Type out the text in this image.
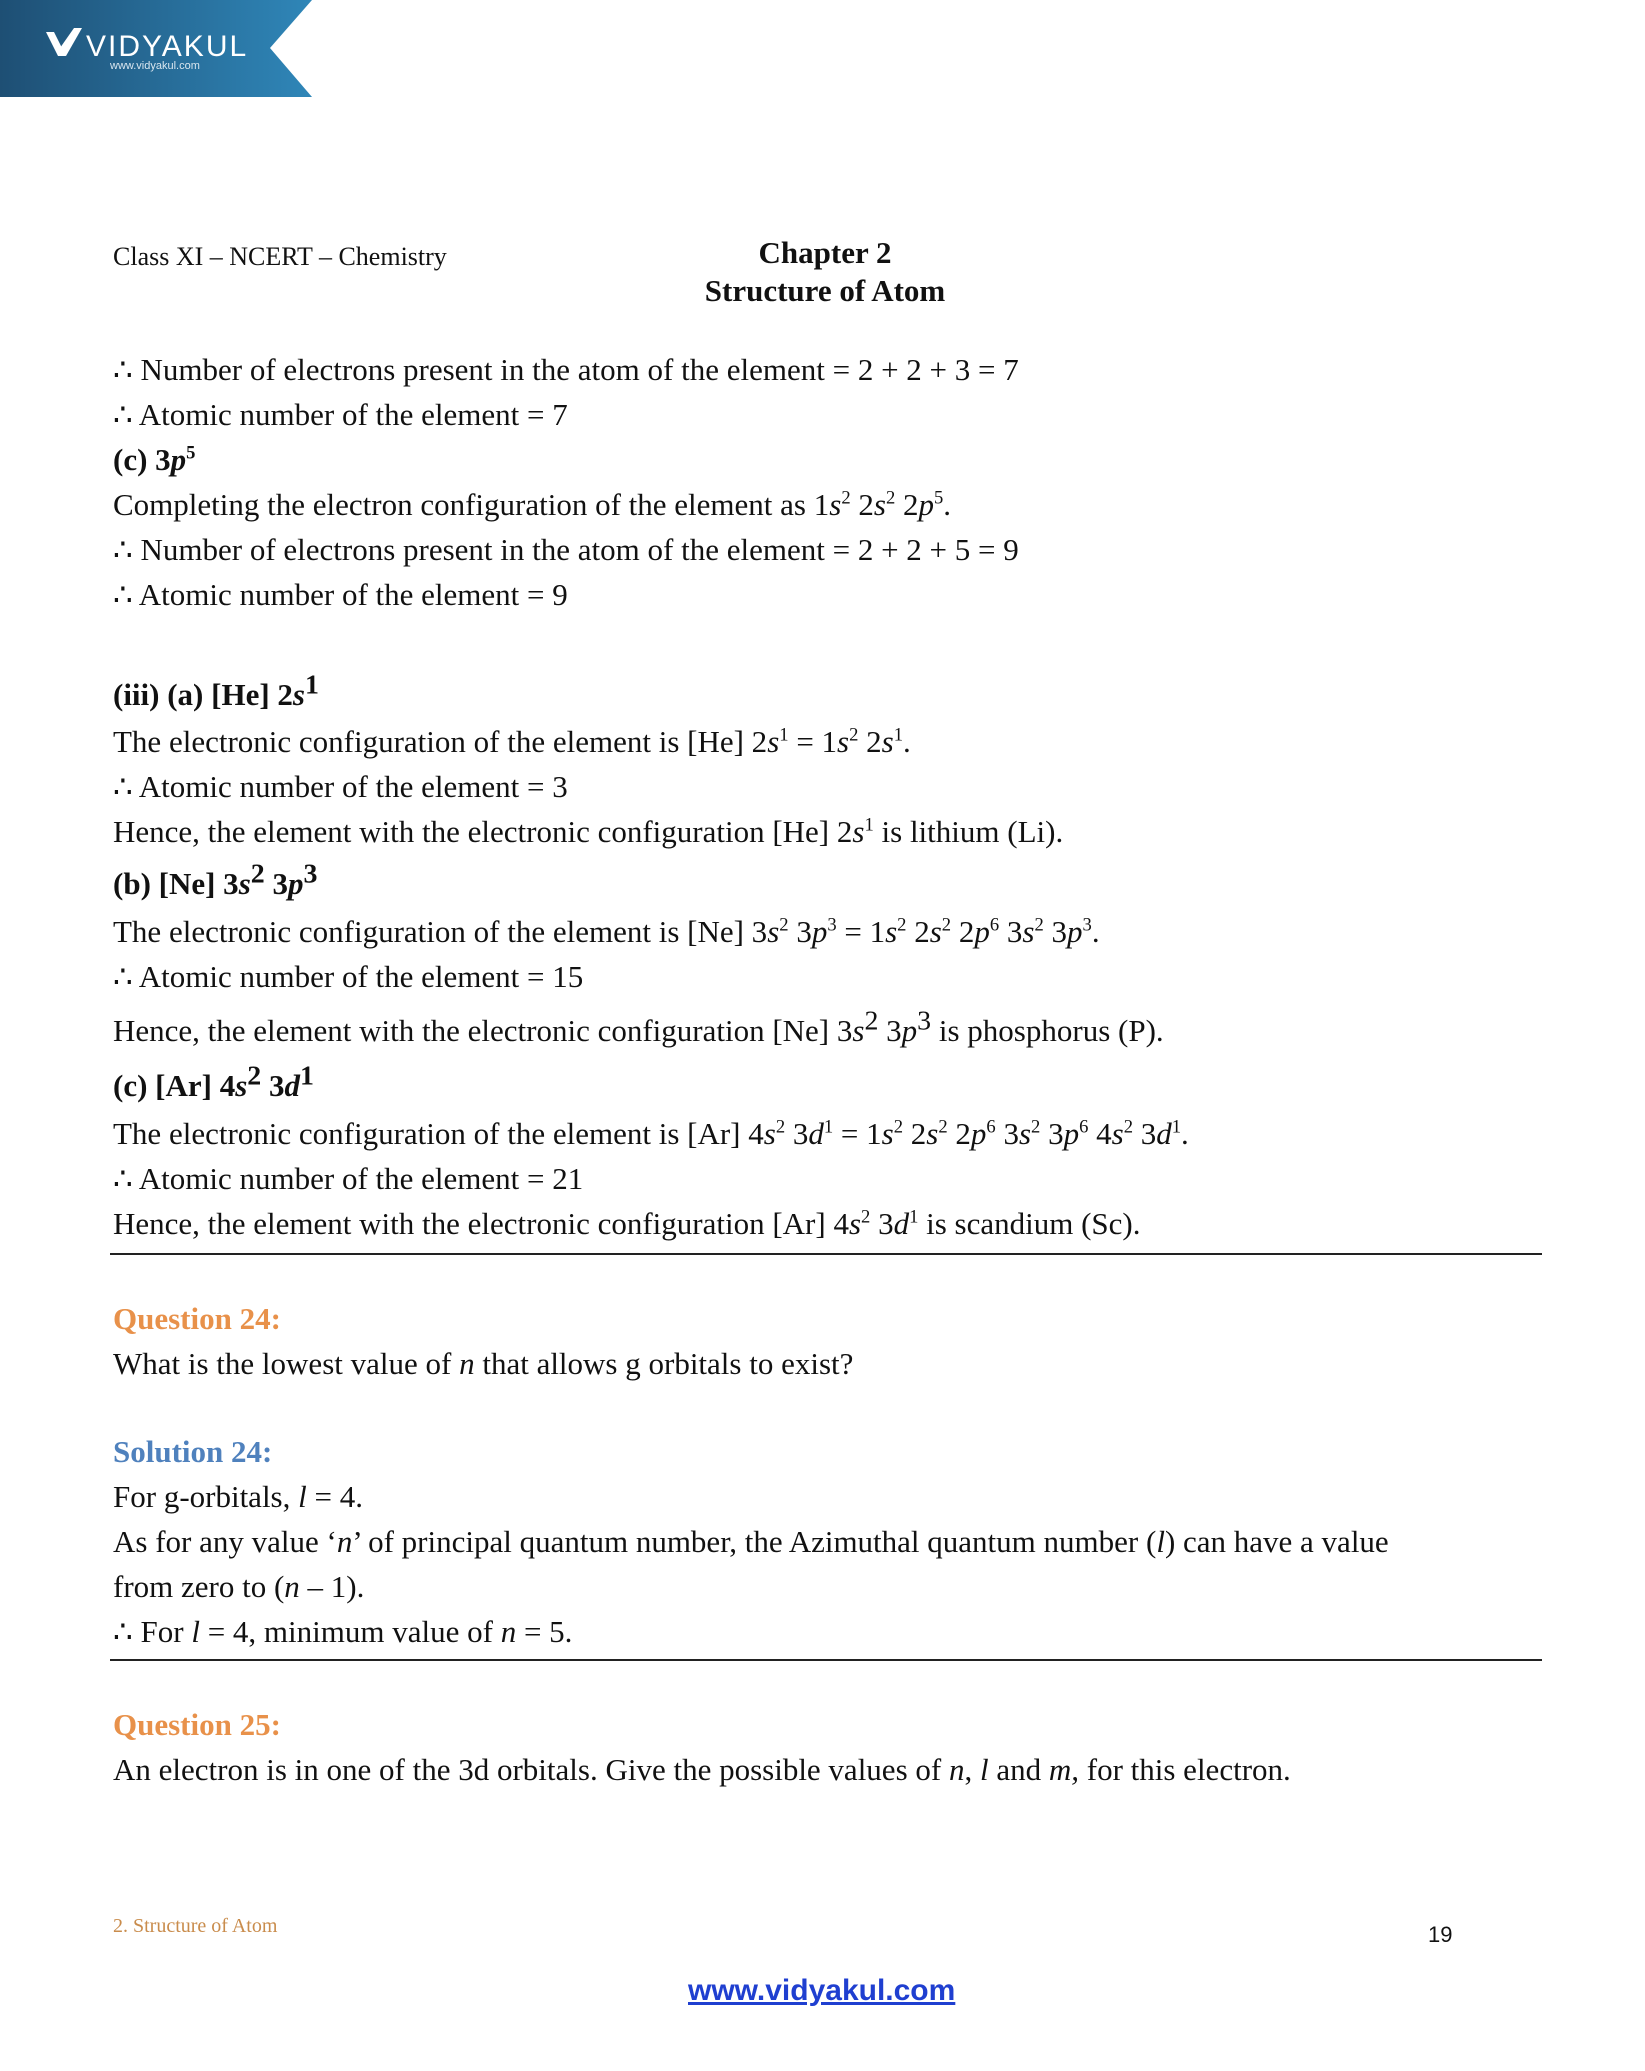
VIDYAKUL
www.vidyakul.com
Class XI – NCERT – Chemistry	Chapter 2
Structure of Atom
∴ Number of electrons present in the atom of the element = 2 + 2 + 3 = 7
∴ Atomic number of the element = 7
(c) $3p^5$
Completing the electron configuration of the element as $1s^2$ $2s^2$ $2p^5$.
∴ Number of electrons present in the atom of the element = 2 + 2 + 5 = 9
∴ Atomic number of the element = 9
(iii) (a) [He] $2s^1$
The electronic configuration of the element is [He] $2s^1 = 1s^2$ $2s^1$.
∴ Atomic number of the element = 3
Hence, the element with the electronic configuration [He] $2s^1$ is lithium (Li).
(b) [Ne] $3s^2$ $3p^3$
The electronic configuration of the element is [Ne] $3s^2$ $3p^3 = 1s^2$ $2s^2$ $2p^6$ $3s^2$ $3p^3$.
∴ Atomic number of the element = 15
Hence, the element with the electronic configuration [Ne] $3s^2$ $3p^3$ is phosphorus (P).
(c) [Ar] $4s^2$ $3d^1$
The electronic configuration of the element is [Ar] $4s^2$ $3d^1 = 1s^2$ $2s^2$ $2p^6$ $3s^2$ $3p^6$ $4s^2$ $3d^1$.
∴ Atomic number of the element = 21
Hence, the element with the electronic configuration [Ar] $4s^2$ $3d^1$ is scandium (Sc).
Question 24:
What is the lowest value of n that allows g orbitals to exist?
Solution 24:
For g-orbitals, l = 4.
As for any value ‘n’ of principal quantum number, the Azimuthal quantum number (l) can have a value
from zero to (n – 1).
∴ For l = 4, minimum value of n = 5.
Question 25:
An electron is in one of the 3d orbitals. Give the possible values of n, l and m, for this electron.
2. Structure of Atom	19
www.vidyakul.com
